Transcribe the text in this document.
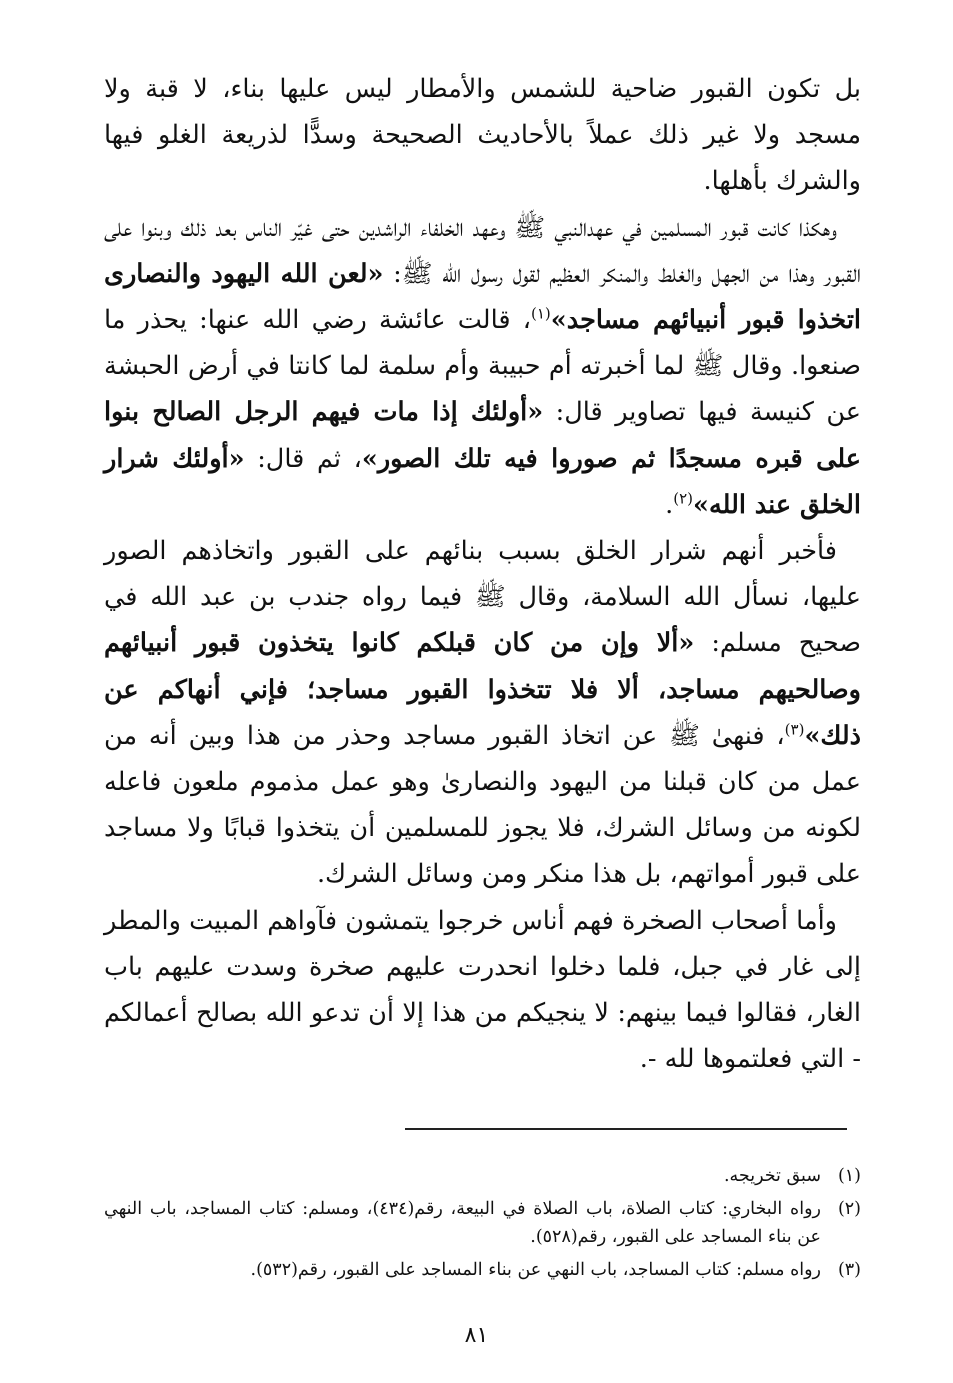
بل تكون القبور ضاحية للشمس والأمطار ليس عليها بناء، لا قبة ولا مسجد ولا غير ذلك عملاً بالأحاديث الصحيحة وسدًّا لذريعة الغلو فيها والشرك بأهلها.

وهكذا كانت قبور المسلمين في عهدالنبي ﷺ وعهد الخلفاء الراشدين حتى غيّر الناس بعد ذلك وبنوا على القبور وهذا من الجهل والغلط والمنكر العظيم لقول رسول الله ﷺ: «لعن الله اليهود والنصارى اتخذوا قبور أنبيائهم مساجد»$^{(١)}$، قالت عائشة رضي الله عنها: يحذر ما صنعوا. وقال ﷺ لما أخبرته أم حبيبة وأم سلمة لما كانتا في أرض الحبشة عن كنيسة فيها تصاوير قال: «أولئك إذا مات فيهم الرجل الصالح بنوا على قبره مسجدًا ثم صوروا فيه تلك الصور»، ثم قال: «أولئك شرار الخلق عند الله»$^{(٢)}$.

فأخبر أنهم شرار الخلق بسبب بنائهم على القبور واتخاذهم الصور عليها، نسأل الله السلامة، وقال ﷺ فيما رواه جندب بن عبد الله في صحيح مسلم: «ألا وإن من كان قبلكم كانوا يتخذون قبور أنبيائهم وصالحيهم مساجد، ألا فلا تتخذوا القبور مساجد؛ فإني أنهاكم عن ذلك»$^{(٣)}$، فنهىٰ ﷺ عن اتخاذ القبور مساجد وحذر من هذا وبين أنه من عمل من كان قبلنا من اليهود والنصارىٰ وهو عمل مذموم ملعون فاعله لكونه من وسائل الشرك، فلا يجوز للمسلمين أن يتخذوا قبابًا ولا مساجد على قبور أمواتهم، بل هذا منكر ومن وسائل الشرك.

وأما أصحاب الصخرة فهم أناس خرجوا يتمشون فآواهم المبيت والمطر إلى غار في جبل، فلما دخلوا انحدرت عليهم صخرة وسدت عليهم باب الغار، فقالوا فيما بينهم: لا ينجيكم من هذا إلا أن تدعو الله بصالح أعمالكم - التي فعلتموها لله -.

(١)
سبق تخريجه.
(٢)
رواه البخاري: كتاب الصلاة، باب الصلاة في البيعة، رقم(٤٣٤)، ومسلم: كتاب المساجد، باب النهي عن بناء المساجد على القبور، رقم(٥٢٨).
(٣)
رواه مسلم: كتاب المساجد، باب النهي عن بناء المساجد على القبور، رقم(٥٣٢).
٨١
